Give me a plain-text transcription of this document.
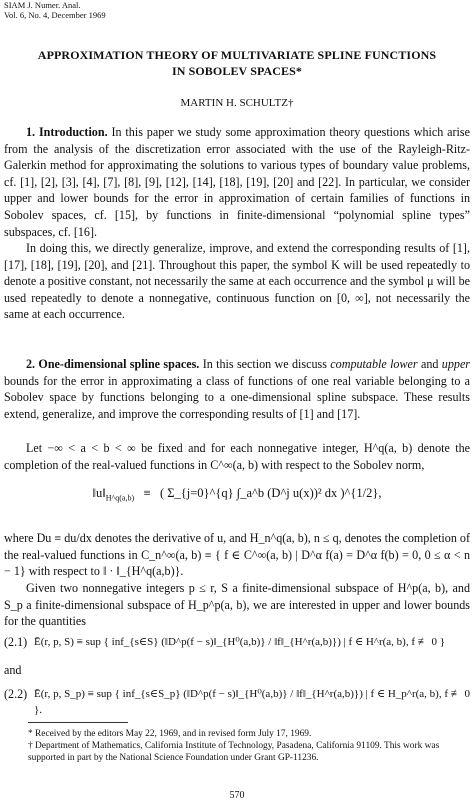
SIAM J. Numer. Anal.
Vol. 6, No. 4, December 1969
APPROXIMATION THEORY OF MULTIVARIATE SPLINE FUNCTIONS
IN SOBOLEV SPACES*
MARTIN H. SCHULTZ†

1. Introduction. In this paper we study some approximation theory questions which arise from the analysis of the discretization error associated with the use of the Rayleigh-Ritz-Galerkin method for approximating the solutions to various types of boundary value problems, cf. [1], [2], [3], [4], [7], [8], [9], [12], [14], [18], [19], [20] and [22]. In particular, we consider upper and lower bounds for the error in approximation of certain families of functions in Sobolev spaces, cf. [15], by functions in finite-dimensional “polynomial spline types” subspaces, cf. [16].

In doing this, we directly generalize, improve, and extend the corresponding results of [1], [17], [18], [19], [20], and [21]. Throughout this paper, the symbol K will be used repeatedly to denote a positive constant, not necessarily the same at each occurrence and the symbol μ will be used repeatedly to denote a nonnegative, continuous function on [0, ∞], not necessarily the same at each occurrence.

2. One-dimensional spline spaces. In this section we discuss computable lower and upper bounds for the error in approximating a class of functions of one real variable belonging to a Sobolev space by functions belonging to a one-dimensional spline subspace. These results extend, generalize, and improve the corresponding results of [1] and [17].

Let −∞ < a < b < ∞ be fixed and for each nonnegative integer, H^q(a, b) denote the completion of the real-valued functions in C^∞(a, b) with respect to the Sobolev norm,

$‖u‖_{H\^{}q(a,b)}$ ≡ ( Σ_{j=0}^{q} ∫_a^b (D^j u(x))² dx )^{1/2},

where Du ≡ du/dx denotes the derivative of u, and H_n^q(a, b), n ≤ q, denotes the completion of the real-valued functions in C_n^∞(a, b) ≡ { f ∈ C^∞(a, b) | D^α f(a) = D^α f(b) = 0, 0 ≤ α < n − 1} with respect to ‖ · ‖_{H^q(a,b)}.

Given two nonnegative integers p ≤ r, S a finite-dimensional subspace of H^p(a, b), and S_p a finite-dimensional subspace of H_p^p(a, b), we are interested in upper and lower bounds for the quantities

(2.1) Ē(r, p, S) ≡ sup { inf_{s∈S} (‖D^p(f − s)‖_{H⁰(a,b)} / ‖f‖_{H^r(a,b)}) | f ∈ H^r(a, b), f ≢ 0 }
and
(2.2) Ē(r, p, S_p) ≡ sup { inf_{s∈S_p} (‖D^p(f − s)‖_{H⁰(a,b)} / ‖f‖_{H^r(a,b)}) | f ∈ H_p^r(a, b), f ≢ 0 }.
* Received by the editors May 22, 1969, and in revised form July 17, 1969.
† Department of Mathematics, California Institute of Technology, Pasadena, California 91109. This work was supported in part by the National Science Foundation under Grant GP-11236.
570
